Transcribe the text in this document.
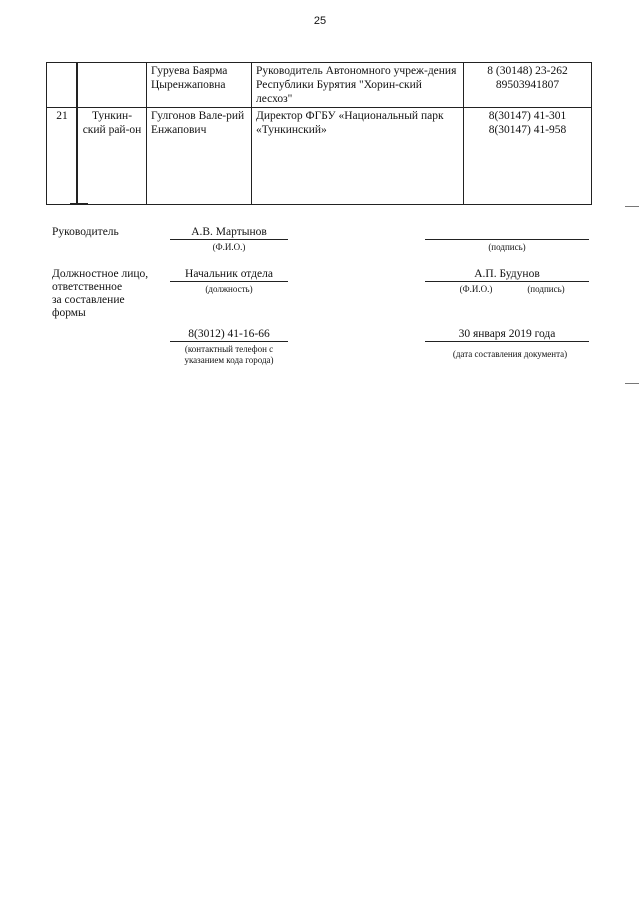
25
		Гуруева Баярма Цыренжаповна	Руководитель Автономного учреж-дения Республики Бурятия "Хорин-ский лесхоз"	8 (30148) 23-262
89503941807

21	Тункин-ский рай-он	Гулгонов Вале-рий Енжапович	Директор ФГБУ «Национальный парк «Тункинский»	8(30147) 41-301
8(30147) 41-958
Руководитель	А.В. Мартынов
(Ф.И.О.)	(подпись)
Должностное лицо,
ответственное
за составление
формы
Начальник отдела
(должность)
А.П. Будунов
(Ф.И.О.)	(подпись)
8(3012) 41-16-66
(контактный телефон с
указанием кода города)
30 января 2019 года
(дата составления документа)
